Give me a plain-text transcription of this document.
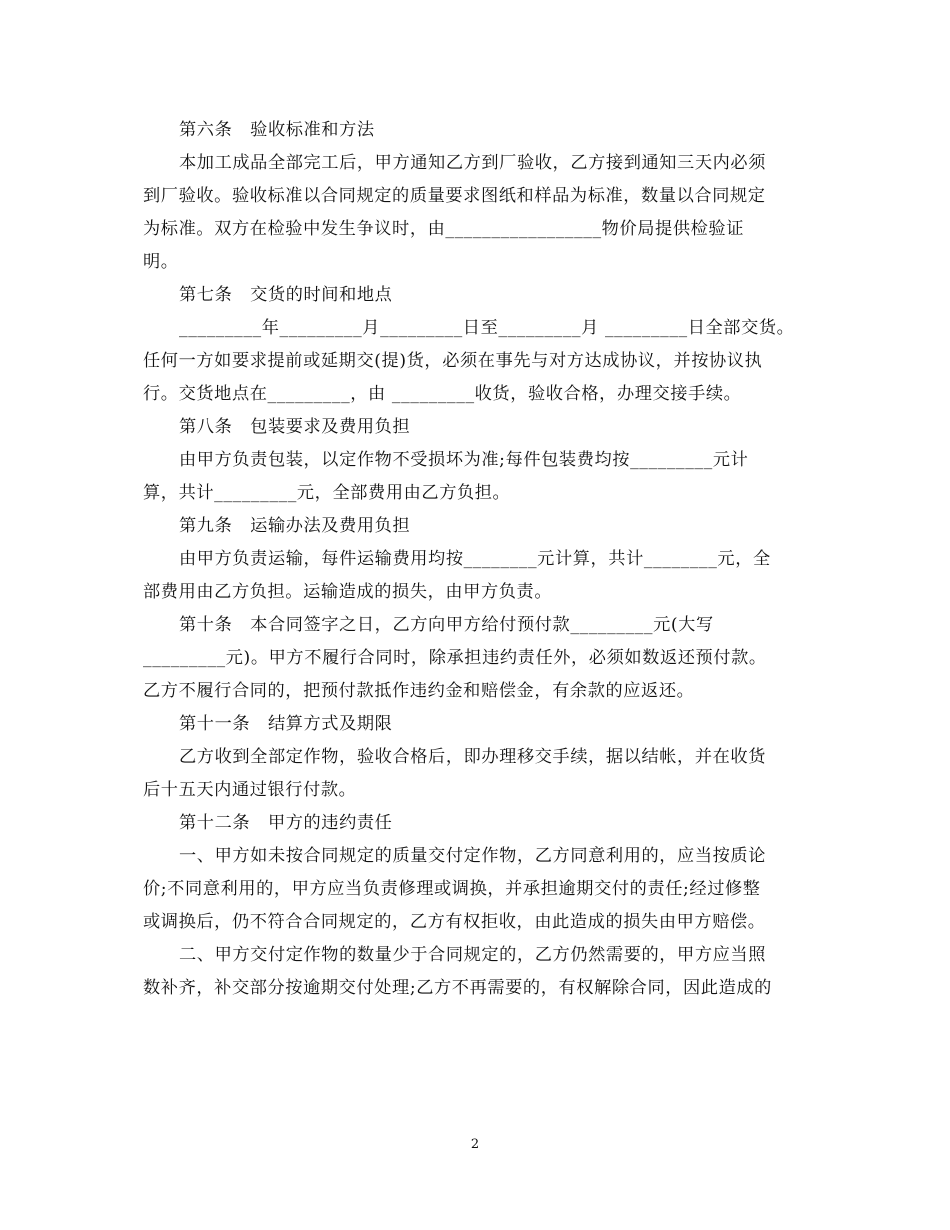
第六条　验收标准和方法
本加工成品全部完工后，甲方通知乙方到厂验收，乙方接到通知三天内必须
到厂验收。验收标准以合同规定的质量要求图纸和样品为标准，数量以合同规定
为标准。双方在检验中发生争议时，由_________________物价局提供检验证
明。
第七条　交货的时间和地点
_________年_________月_________日至_________月 _________日全部交货。
任何一方如要求提前或延期交(提)货，必须在事先与对方达成协议，并按协议执
行。交货地点在_________，由 _________收货，验收合格，办理交接手续。
第八条　包装要求及费用负担
由甲方负责包装，以定作物不受损坏为准;每件包装费均按_________元计
算，共计_________元，全部费用由乙方负担。
第九条　运输办法及费用负担
由甲方负责运输，每件运输费用均按________元计算，共计________元，全
部费用由乙方负担。运输造成的损失，由甲方负责。
第十条　本合同签字之日，乙方向甲方给付预付款_________元(大写
_________元)。甲方不履行合同时，除承担违约责任外，必须如数返还预付款。
乙方不履行合同的，把预付款抵作违约金和赔偿金，有余款的应返还。
第十一条　结算方式及期限
乙方收到全部定作物，验收合格后，即办理移交手续，据以结帐，并在收货
后十五天内通过银行付款。
第十二条　甲方的违约责任
一、甲方如未按合同规定的质量交付定作物，乙方同意利用的，应当按质论
价;不同意利用的，甲方应当负责修理或调换，并承担逾期交付的责任;经过修整
或调换后，仍不符合合同规定的，乙方有权拒收，由此造成的损失由甲方赔偿。
二、甲方交付定作物的数量少于合同规定的，乙方仍然需要的，甲方应当照
数补齐，补交部分按逾期交付处理;乙方不再需要的，有权解除合同，因此造成的
2
